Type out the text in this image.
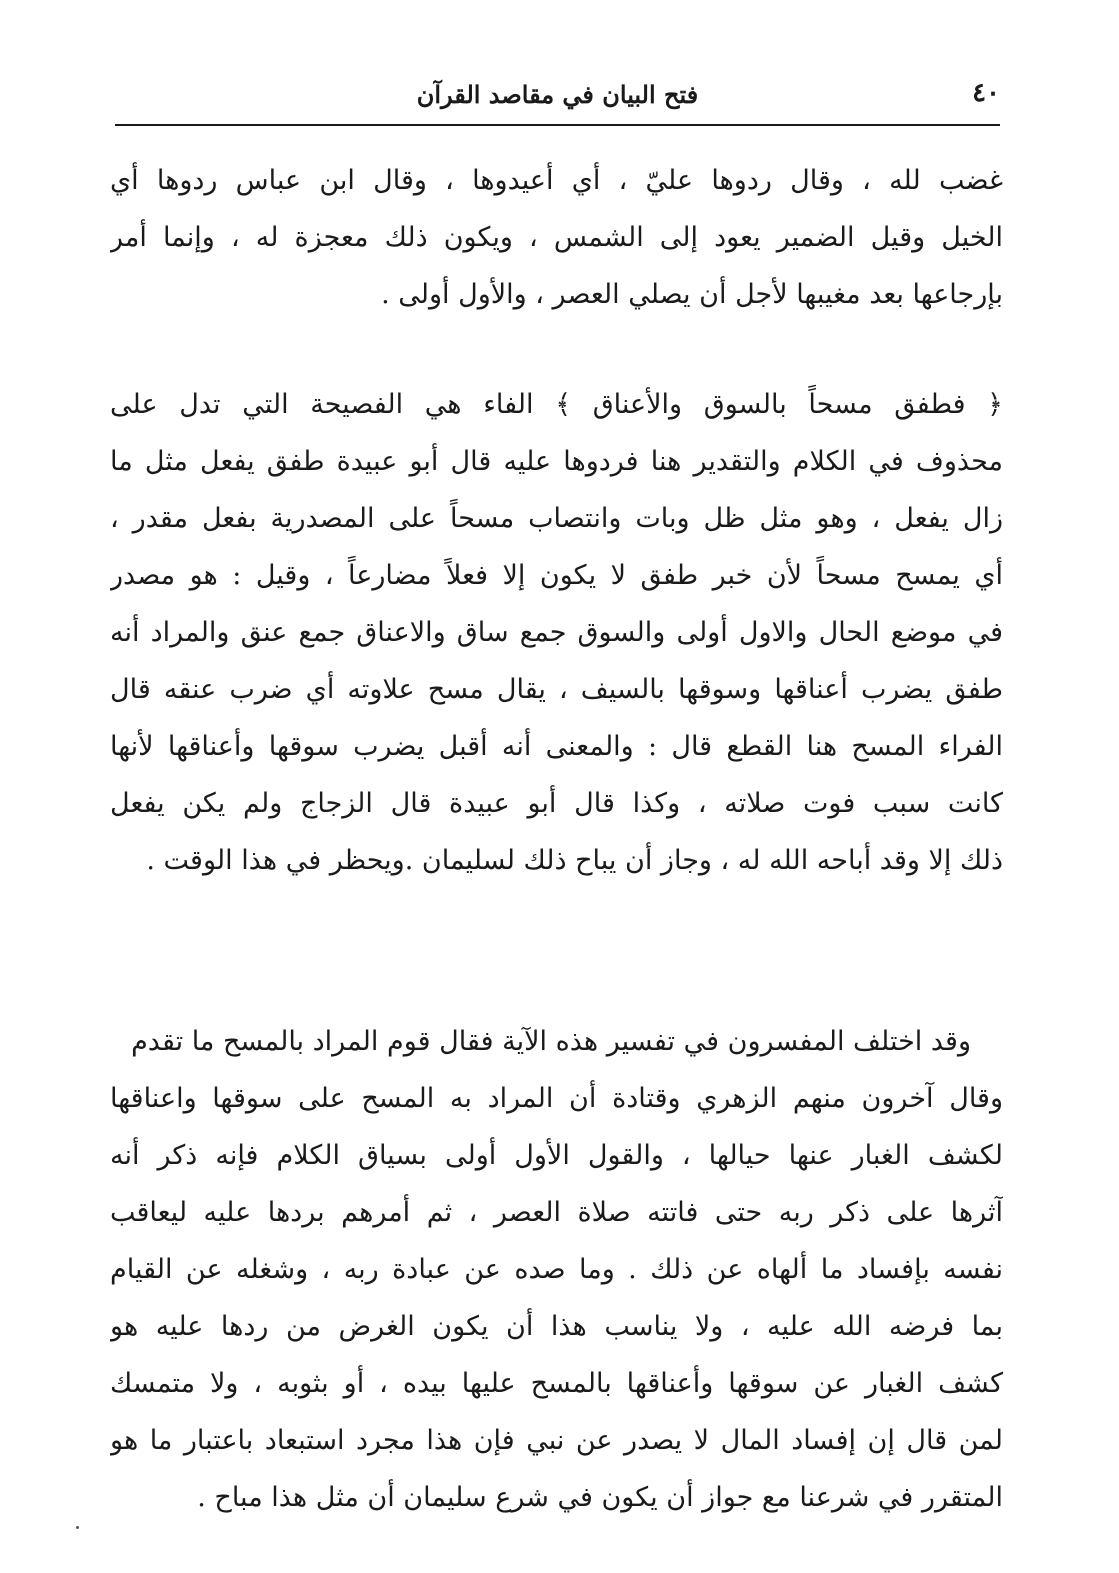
٤٠
فتح البيان في مقاصد القرآن
غضب لله ، وقال ردوها عليّ ، أي أعيدوها ، وقال ابن عباس ردوها أي
الخيل وقيل الضمير يعود إلى الشمس ، ويكون ذلك معجزة له ، وإنما أمر
بإرجاعها بعد مغيبها لأجل أن يصلي العصر ، والأول أولى .
﴿ فطفق مسحاً بالسوق والأعناق ﴾ الفاء هي الفصيحة التي تدل على
محذوف في الكلام والتقدير هنا فردوها عليه قال أبو عبيدة طفق يفعل مثل ما
زال يفعل ، وهو مثل ظل وبات وانتصاب مسحاً على المصدرية بفعل مقدر ،
أي يمسح مسحاً لأن خبر طفق لا يكون إلا فعلاً مضارعاً ، وقيل : هو مصدر
في موضع الحال والاول أولى والسوق جمع ساق والاعناق جمع عنق والمراد أنه
طفق يضرب أعناقها وسوقها بالسيف ، يقال مسح علاوته أي ضرب عنقه قال
الفراء المسح هنا القطع قال : والمعنى أنه أقبل يضرب سوقها وأعناقها لأنها
كانت سبب فوت صلاته ، وكذا قال أبو عبيدة قال الزجاج ولم يكن يفعل
ذلك إلا وقد أباحه الله له ، وجاز أن يباح ذلك لسليمان .ويحظر في هذا الوقت .
وقد اختلف المفسرون في تفسير هذه الآية فقال قوم المراد بالمسح ما تقدم
وقال آخرون منهم الزهري وقتادة أن المراد به المسح على سوقها واعناقها
لكشف الغبار عنها حيالها ، والقول الأول أولى بسياق الكلام فإنه ذكر أنه
آثرها على ذكر ربه حتى فاتته صلاة العصر ، ثم أمرهم بردها عليه ليعاقب
نفسه بإفساد ما ألهاه عن ذلك . وما صده عن عبادة ربه ، وشغله عن القيام
بما فرضه الله عليه ، ولا يناسب هذا أن يكون الغرض من ردها عليه هو
كشف الغبار عن سوقها وأعناقها بالمسح عليها بيده ، أو بثوبه ، ولا متمسك
لمن قال إن إفساد المال لا يصدر عن نبي فإن هذا مجرد استبعاد باعتبار ما هو
المتقرر في شرعنا مع جواز أن يكون في شرع سليمان أن مثل هذا مباح .
